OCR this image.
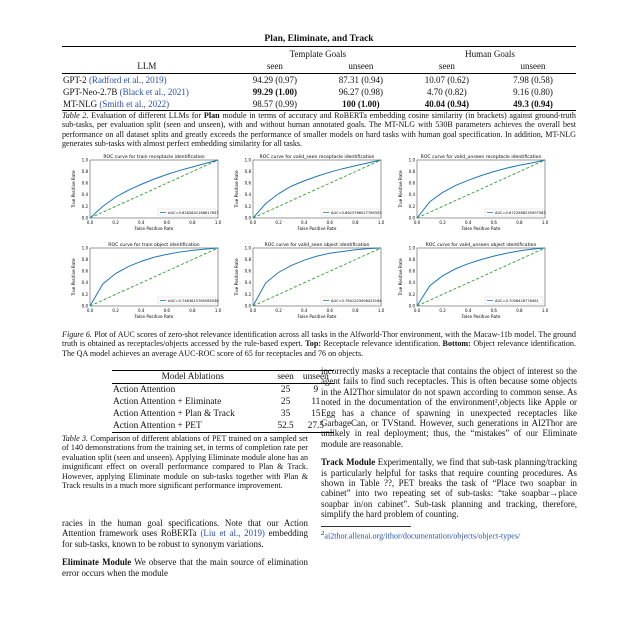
Plan, Eliminate, and Track
	Template Goals		Human Goals	
LLM	seen	unseen	seen	unseen
GPT-2 (Radford et al., 2019)	94.29 (0.97)	87.31 (0.94)	10.07 (0.62)	7.98 (0.58)
GPT-Neo-2.7B (Black et al., 2021)	99.29 (1.00)	96.27 (0.98)	4.70 (0.82)	9.16 (0.80)
MT-NLG (Smith et al., 2022)	98.57 (0.99)	100 (1.00)	40.04 (0.94)	49.3 (0.94)
Table 2. Evaluation of different LLMs for Plan module in terms of accuracy and RoBERTa embedding cosine similarity (in brackets) against ground-truth sub-tasks, per evaluation split (seen and unseen), with and without human annotated goals. The MT-NLG with 530B parameters achieves the overall best performance on all dataset splits and greatly exceeds the performance of smaller models on hard tasks with human goal specification. In addition, MT-NLG generates sub-tasks with almost perfect embedding similarity for all tasks.
ROC curve for train receptacle identification
0.0
0.0
0.2
0.2
0.4
0.4
0.6
0.6
0.8
0.8
1.0
1.0
False Positive Rate
True Positive Rate
AUC=0.6262842168817657
ROC curve for valid_seen receptacle identification
0.0
0.0
0.2
0.2
0.4
0.4
0.6
0.6
0.8
0.8
1.0
1.0
False Positive Rate
True Positive Rate
AUC=0.6623766027789325
ROC curve for valid_unseen receptacle identification
0.0
0.0
0.2
0.2
0.4
0.4
0.6
0.6
0.8
0.8
1.0
1.0
False Positive Rate
True Positive Rate
AUC=0.6722986235907563
ROC curve for train object identification
0.0
0.0
0.2
0.2
0.4
0.4
0.6
0.6
0.8
0.8
1.0
1.0
False Positive Rate
True Positive Rate
AUC=0.7463615785585038
ROC curve for valid_seen object identification
0.0
0.0
0.2
0.2
0.4
0.4
0.6
0.6
0.8
0.8
1.0
1.0
False Positive Rate
True Positive Rate
AUC=0.7641203406425164
ROC curve for valid_unseen object identification
0.0
0.0
0.2
0.2
0.4
0.4
0.6
0.6
0.8
0.8
1.0
1.0
False Positive Rate
True Positive Rate
AUC=0.7006426776461
Figure 6. Plot of AUC scores of zero-shot relevance identification across all tasks in the Alfworld-Thor environment, with the Macaw-11b model. The ground truth is obtained as receptacles/objects accessed by the rule-based expert. Top: Receptacle relevance identification. Bottom: Object relevance identification. The QA model achieves an average AUC-ROC score of 65 for receptacles and 76 on objects.
Model Ablations	seen	unseen
Action Attention	25	9
Action Attention + Eliminate	25	11
Action Attention + Plan & Track	35	15
Action Attention + PET	52.5	27.5
Table 3. Comparison of different ablations of PET trained on a sampled set of 140 demonstrations from the training set, in terms of completion rate per evaluation split (seen and unseen). Applying Eliminate module alone has an insignificant effect on overall performance compared to Plan & Track. However, applying Eliminate module on sub-tasks together with Plan & Track results in a much more significant performance improvement.

racies in the human goal specifications. Note that our Action Attention framework uses RoBERTa (Liu et al., 2019) embedding for sub-tasks, known to be robust to synonym variations.

Eliminate Module We observe that the main source of elimination error occurs when the module

incorrectly masks a receptacle that contains the object of interest so the agent fails to find such receptacles. This is often because some objects in the AI2Thor simulator do not spawn according to common sense. As noted in the documentation of the environment²,objects like Apple or Egg has a chance of spawning in unexpected receptacles like GarbageCan, or TVStand. However, such generations in AI2Thor are unlikely in real deployment; thus, the “mistakes” of our Eliminate module are reasonable.

Track Module Experimentally, we find that sub-task planning/tracking is particularly helpful for tasks that require counting procedures. As shown in Table ??, PET breaks the task of “Place two soapbar in cabinet” into two repeating set of sub-tasks: “take soapbar→place soapbar in/on cabinet”. Sub-task planning and tracking, therefore, simplify the hard problem of counting.

$^2$ai2thor.allenai.org/ithor/documentation/objects/object-types/
